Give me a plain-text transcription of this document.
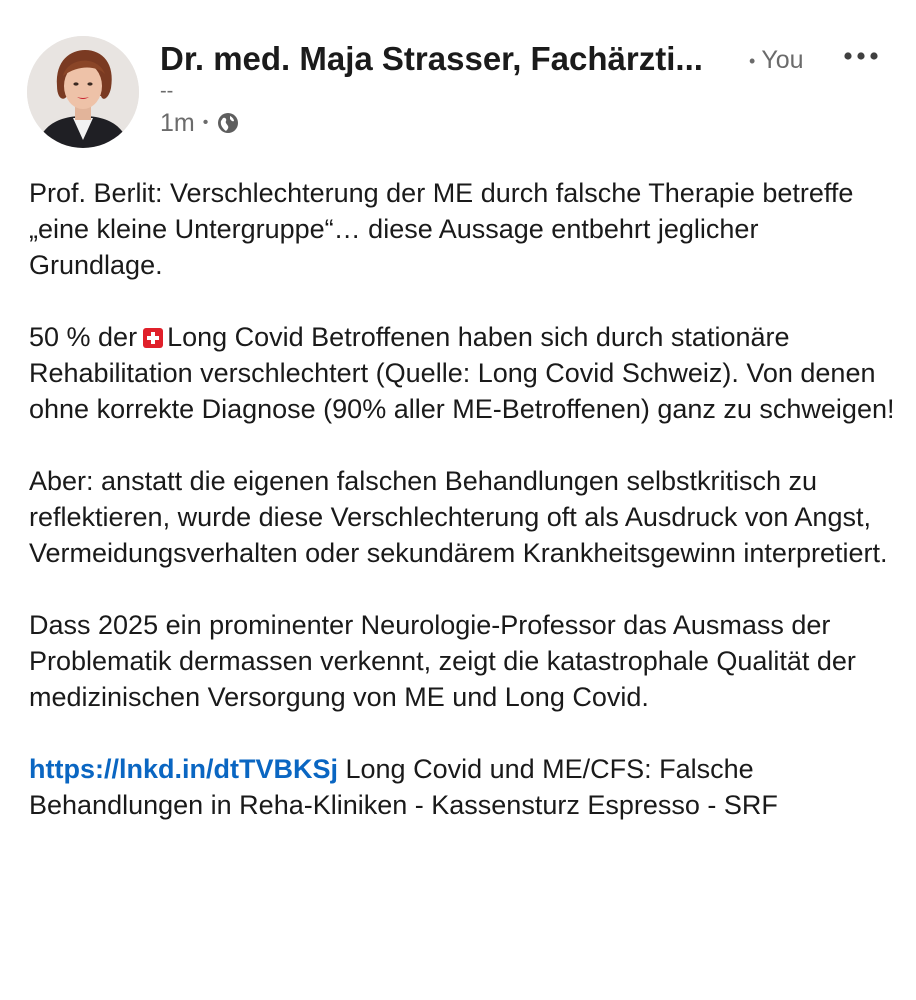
Dr. med. Maja Strasser, Fachärzti...	• You
--
1m •

Prof. Berlit: Verschlechterung der ME durch falsche Therapie betreffe „eine kleine Untergruppe“… diese Aussage entbehrt jeglicher Grundlage.

50 % der Long Covid Betroffenen haben sich durch stationäre Rehabilitation verschlechtert (Quelle: Long Covid Schweiz). Von denen ohne korrekte Diagnose (90% aller ME-Betroffenen) ganz zu schweigen!

Aber: anstatt die eigenen falschen Behandlungen selbstkritisch zu reflektieren, wurde diese Verschlechterung oft als Ausdruck von Angst, Vermeidungsverhalten oder sekundärem Krankheitsgewinn interpretiert.

Dass 2025 ein prominenter Neurologie-Professor das Ausmass der Problematik dermassen verkennt, zeigt die katastrophale Qualität der medizinischen Versorgung von ME und Long Covid.

https://lnkd.in/dtTVBKSj Long Covid und ME/CFS: Falsche Behandlungen in Reha-Kliniken - Kassensturz Espresso - SRF
